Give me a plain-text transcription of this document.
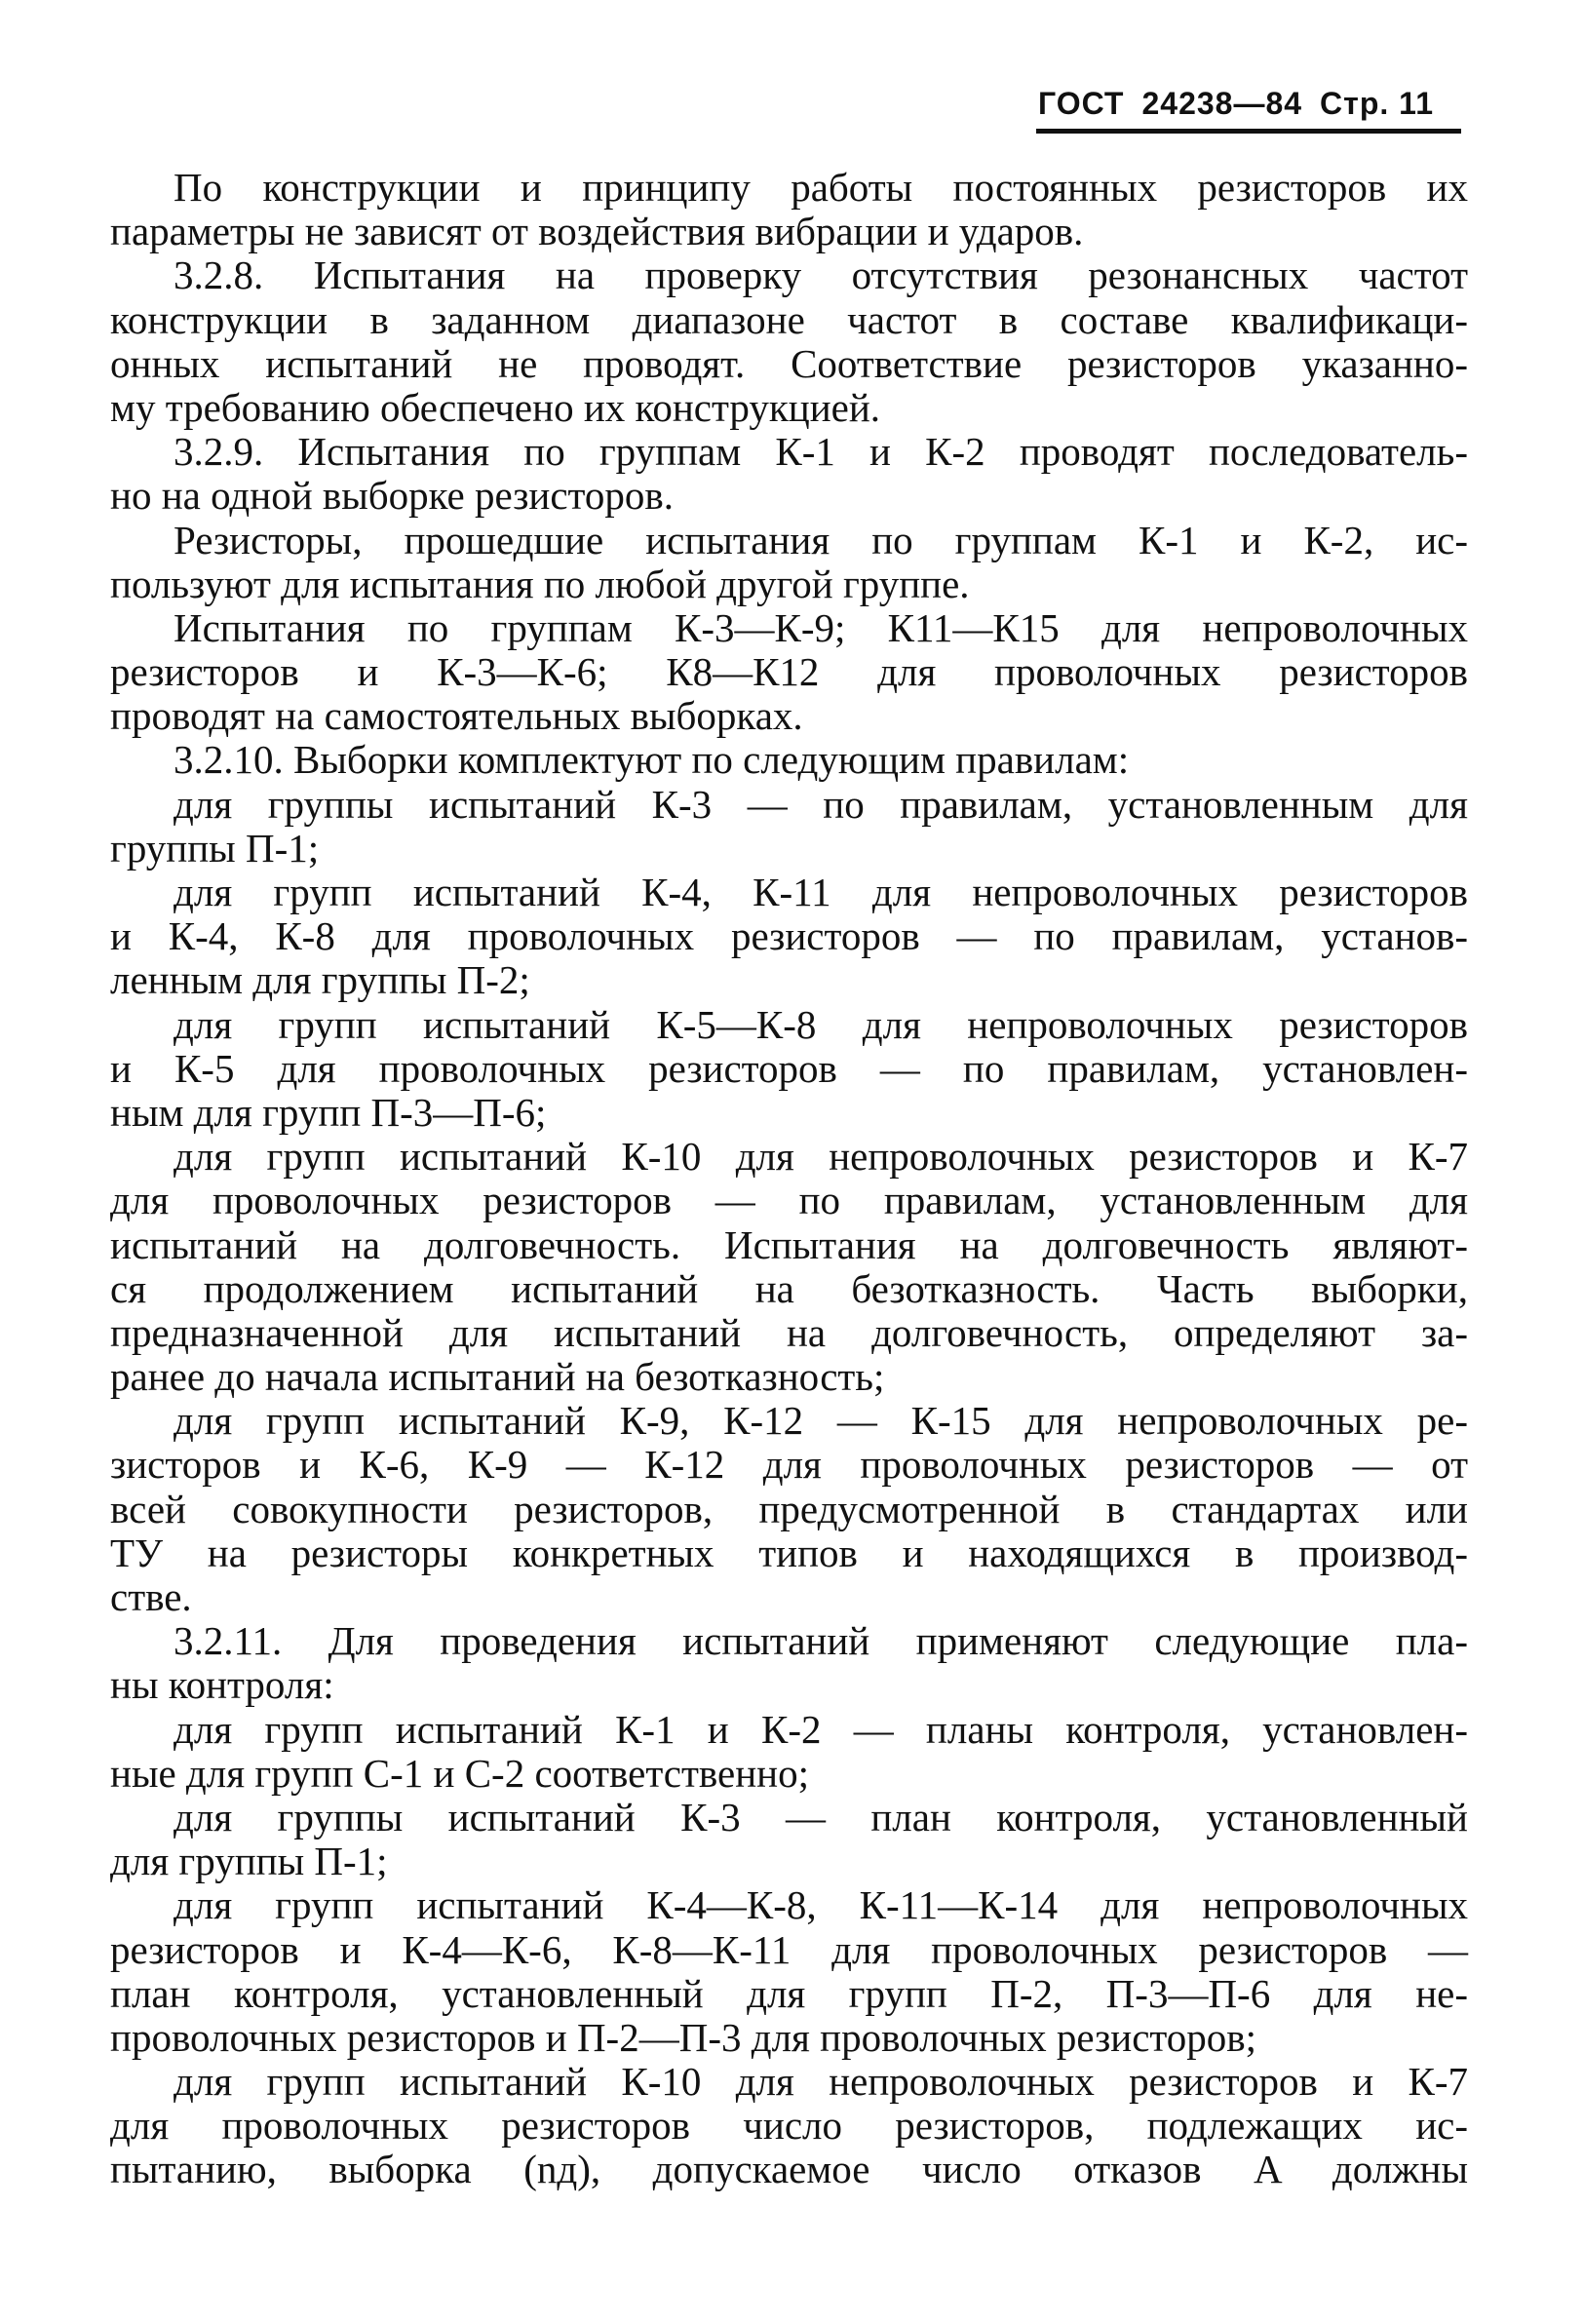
ГОСТ 24238—84 Стр. 11
По конструкции и принципу работы постоянных резисторов их
параметры не зависят от воздействия вибрации и ударов.
3.2.8. Испытания на проверку отсутствия резонансных частот
конструкции в заданном диапазоне частот в составе квалификаци-
онных испытаний не проводят. Соответствие резисторов указанно-
му требованию обеспечено их конструкцией.
3.2.9. Испытания по группам К-1 и К-2 проводят последователь-
но на одной выборке резисторов.
Резисторы, прошедшие испытания по группам К-1 и К-2, ис-
пользуют для испытания по любой другой группе.
Испытания по группам К-3—К-9; К11—К15 для непроволочных
резисторов и К-3—К-6; К8—К12 для проволочных резисторов
проводят на самостоятельных выборках.
3.2.10. Выборки комплектуют по следующим правилам:
для группы испытаний К-3 — по правилам, установленным для
группы П-1;
для групп испытаний К-4, К-11 для непроволочных резисторов
и К-4, К-8 для проволочных резисторов — по правилам, установ-
ленным для группы П-2;
для групп испытаний К-5—К-8 для непроволочных резисторов
и К-5 для проволочных резисторов — по правилам, установлен-
ным для групп П-3—П-6;
для групп испытаний К-10 для непроволочных резисторов и К-7
для проволочных резисторов — по правилам, установленным для
испытаний на долговечность. Испытания на долговечность являют-
ся продолжением испытаний на безотказность. Часть выборки,
предназначенной для испытаний на долговечность, определяют за-
ранее до начала испытаний на безотказность;
для групп испытаний К-9, К-12 — К-15 для непроволочных ре-
зисторов и К-6, К-9 — К-12 для проволочных резисторов — от
всей совокупности резисторов, предусмотренной в стандартах или
ТУ на резисторы конкретных типов и находящихся в производ-
стве.
3.2.11. Для проведения испытаний применяют следующие пла-
ны контроля:
для групп испытаний К-1 и К-2 — планы контроля, установлен-
ные для групп С-1 и С-2 соответственно;
для группы испытаний К-3 — план контроля, установленный
для группы П-1;
для групп испытаний К-4—К-8, К-11—К-14 для непроволочных
резисторов и К-4—К-6, К-8—К-11 для проволочных резисторов —
план контроля, установленный для групп П-2, П-3—П-6 для не-
проволочных резисторов и П-2—П-3 для проволочных резисторов;
для групп испытаний К-10 для непроволочных резисторов и К-7
для проволочных резисторов число резисторов, подлежащих ис-
пытанию, выборка (nд), допускаемое число отказов A должны
